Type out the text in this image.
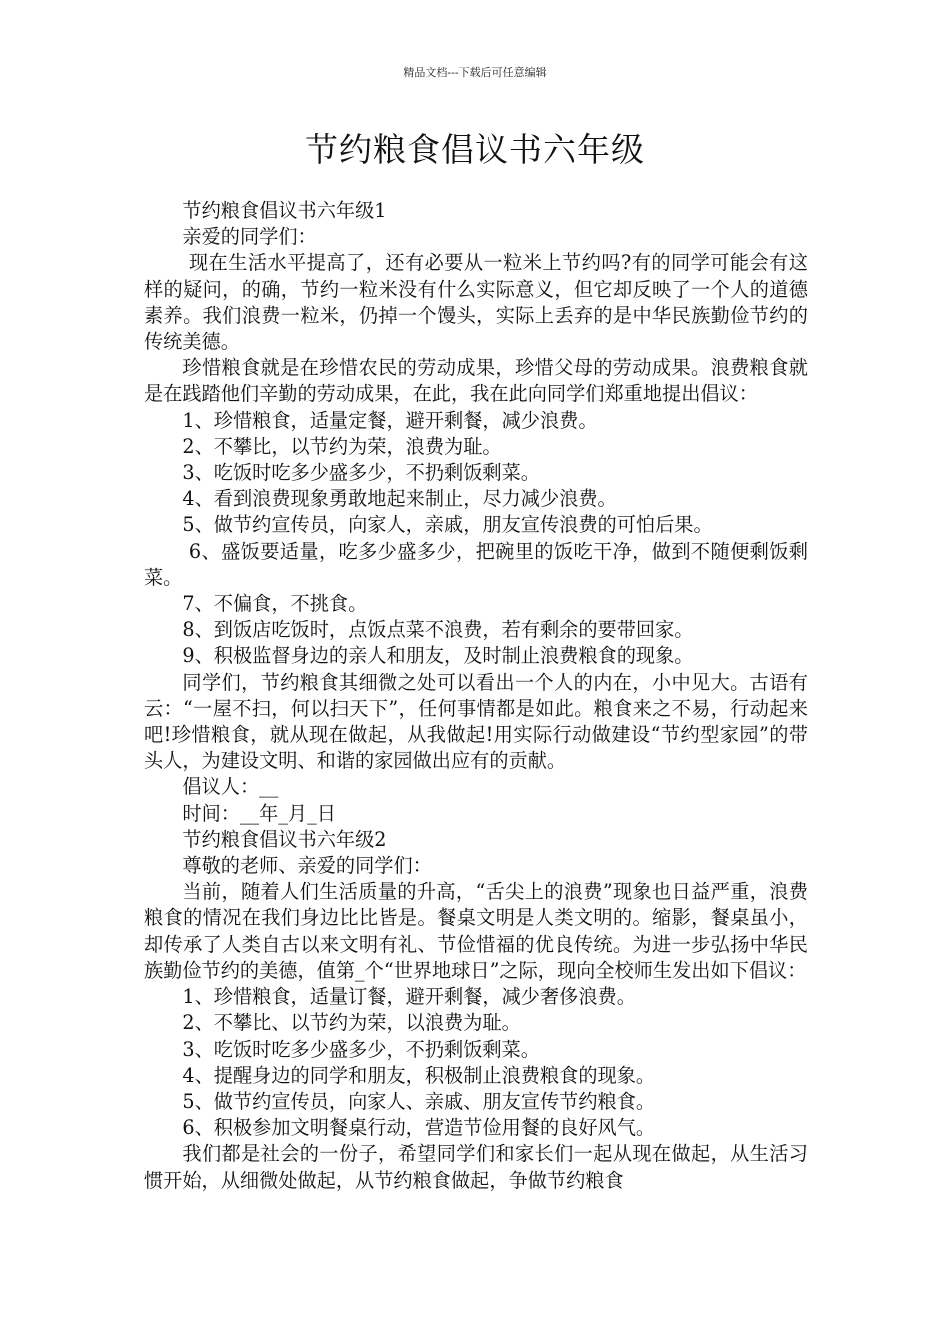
精品文档---下载后可任意编辑
节约粮食倡议书六年级

节约粮食倡议书六年级1

亲爱的同学们：

现在生活水平提高了，还有必要从一粒米上节约吗?有的同学可能会有这样的疑问，的确，节约一粒米没有什么实际意义，但它却反映了一个人的道德素养。我们浪费一粒米，仍掉一个馒头，实际上丢弃的是中华民族勤俭节约的传统美德。

珍惜粮食就是在珍惜农民的劳动成果，珍惜父母的劳动成果。浪费粮食就是在践踏他们辛勤的劳动成果，在此，我在此向同学们郑重地提出倡议：

1、珍惜粮食，适量定餐，避开剩餐，减少浪费。

2、不攀比，以节约为荣，浪费为耻。

3、吃饭时吃多少盛多少，不扔剩饭剩菜。

4、看到浪费现象勇敢地起来制止，尽力减少浪费。

5、做节约宣传员，向家人，亲戚，朋友宣传浪费的可怕后果。

6、盛饭要适量，吃多少盛多少，把碗里的饭吃干净，做到不随便剩饭剩菜。

7、不偏食，不挑食。

8、到饭店吃饭时，点饭点菜不浪费，若有剩余的要带回家。

9、积极监督身边的亲人和朋友，及时制止浪费粮食的现象。

同学们，节约粮食其细微之处可以看出一个人的内在，小中见大。古语有云：“一屋不扫，何以扫天下”，任何事情都是如此。粮食来之不易，行动起来吧!珍惜粮食，就从现在做起，从我做起!用实际行动做建设“节约型家园”的带头人，为建设文明、和谐的家园做出应有的贡献。

倡议人：__

时间：__年_月_日

节约粮食倡议书六年级2

尊敬的老师、亲爱的同学们：

当前，随着人们生活质量的升高，“舌尖上的浪费”现象也日益严重，浪费粮食的情况在我们身边比比皆是。餐桌文明是人类文明的。缩影，餐桌虽小，却传承了人类自古以来文明有礼、节俭惜福的优良传统。为进一步弘扬中华民族勤俭节约的美德，值第_个“世界地球日”之际，现向全校师生发出如下倡议：

1、珍惜粮食，适量订餐，避开剩餐，减少奢侈浪费。

2、不攀比、以节约为荣，以浪费为耻。

3、吃饭时吃多少盛多少，不扔剩饭剩菜。

4、提醒身边的同学和朋友，积极制止浪费粮食的现象。

5、做节约宣传员，向家人、亲戚、朋友宣传节约粮食。

6、积极参加文明餐桌行动，营造节俭用餐的良好风气。

我们都是社会的一份子，希望同学们和家长们一起从现在做起，从生活习惯开始，从细微处做起，从节约粮食做起，争做节约粮食
